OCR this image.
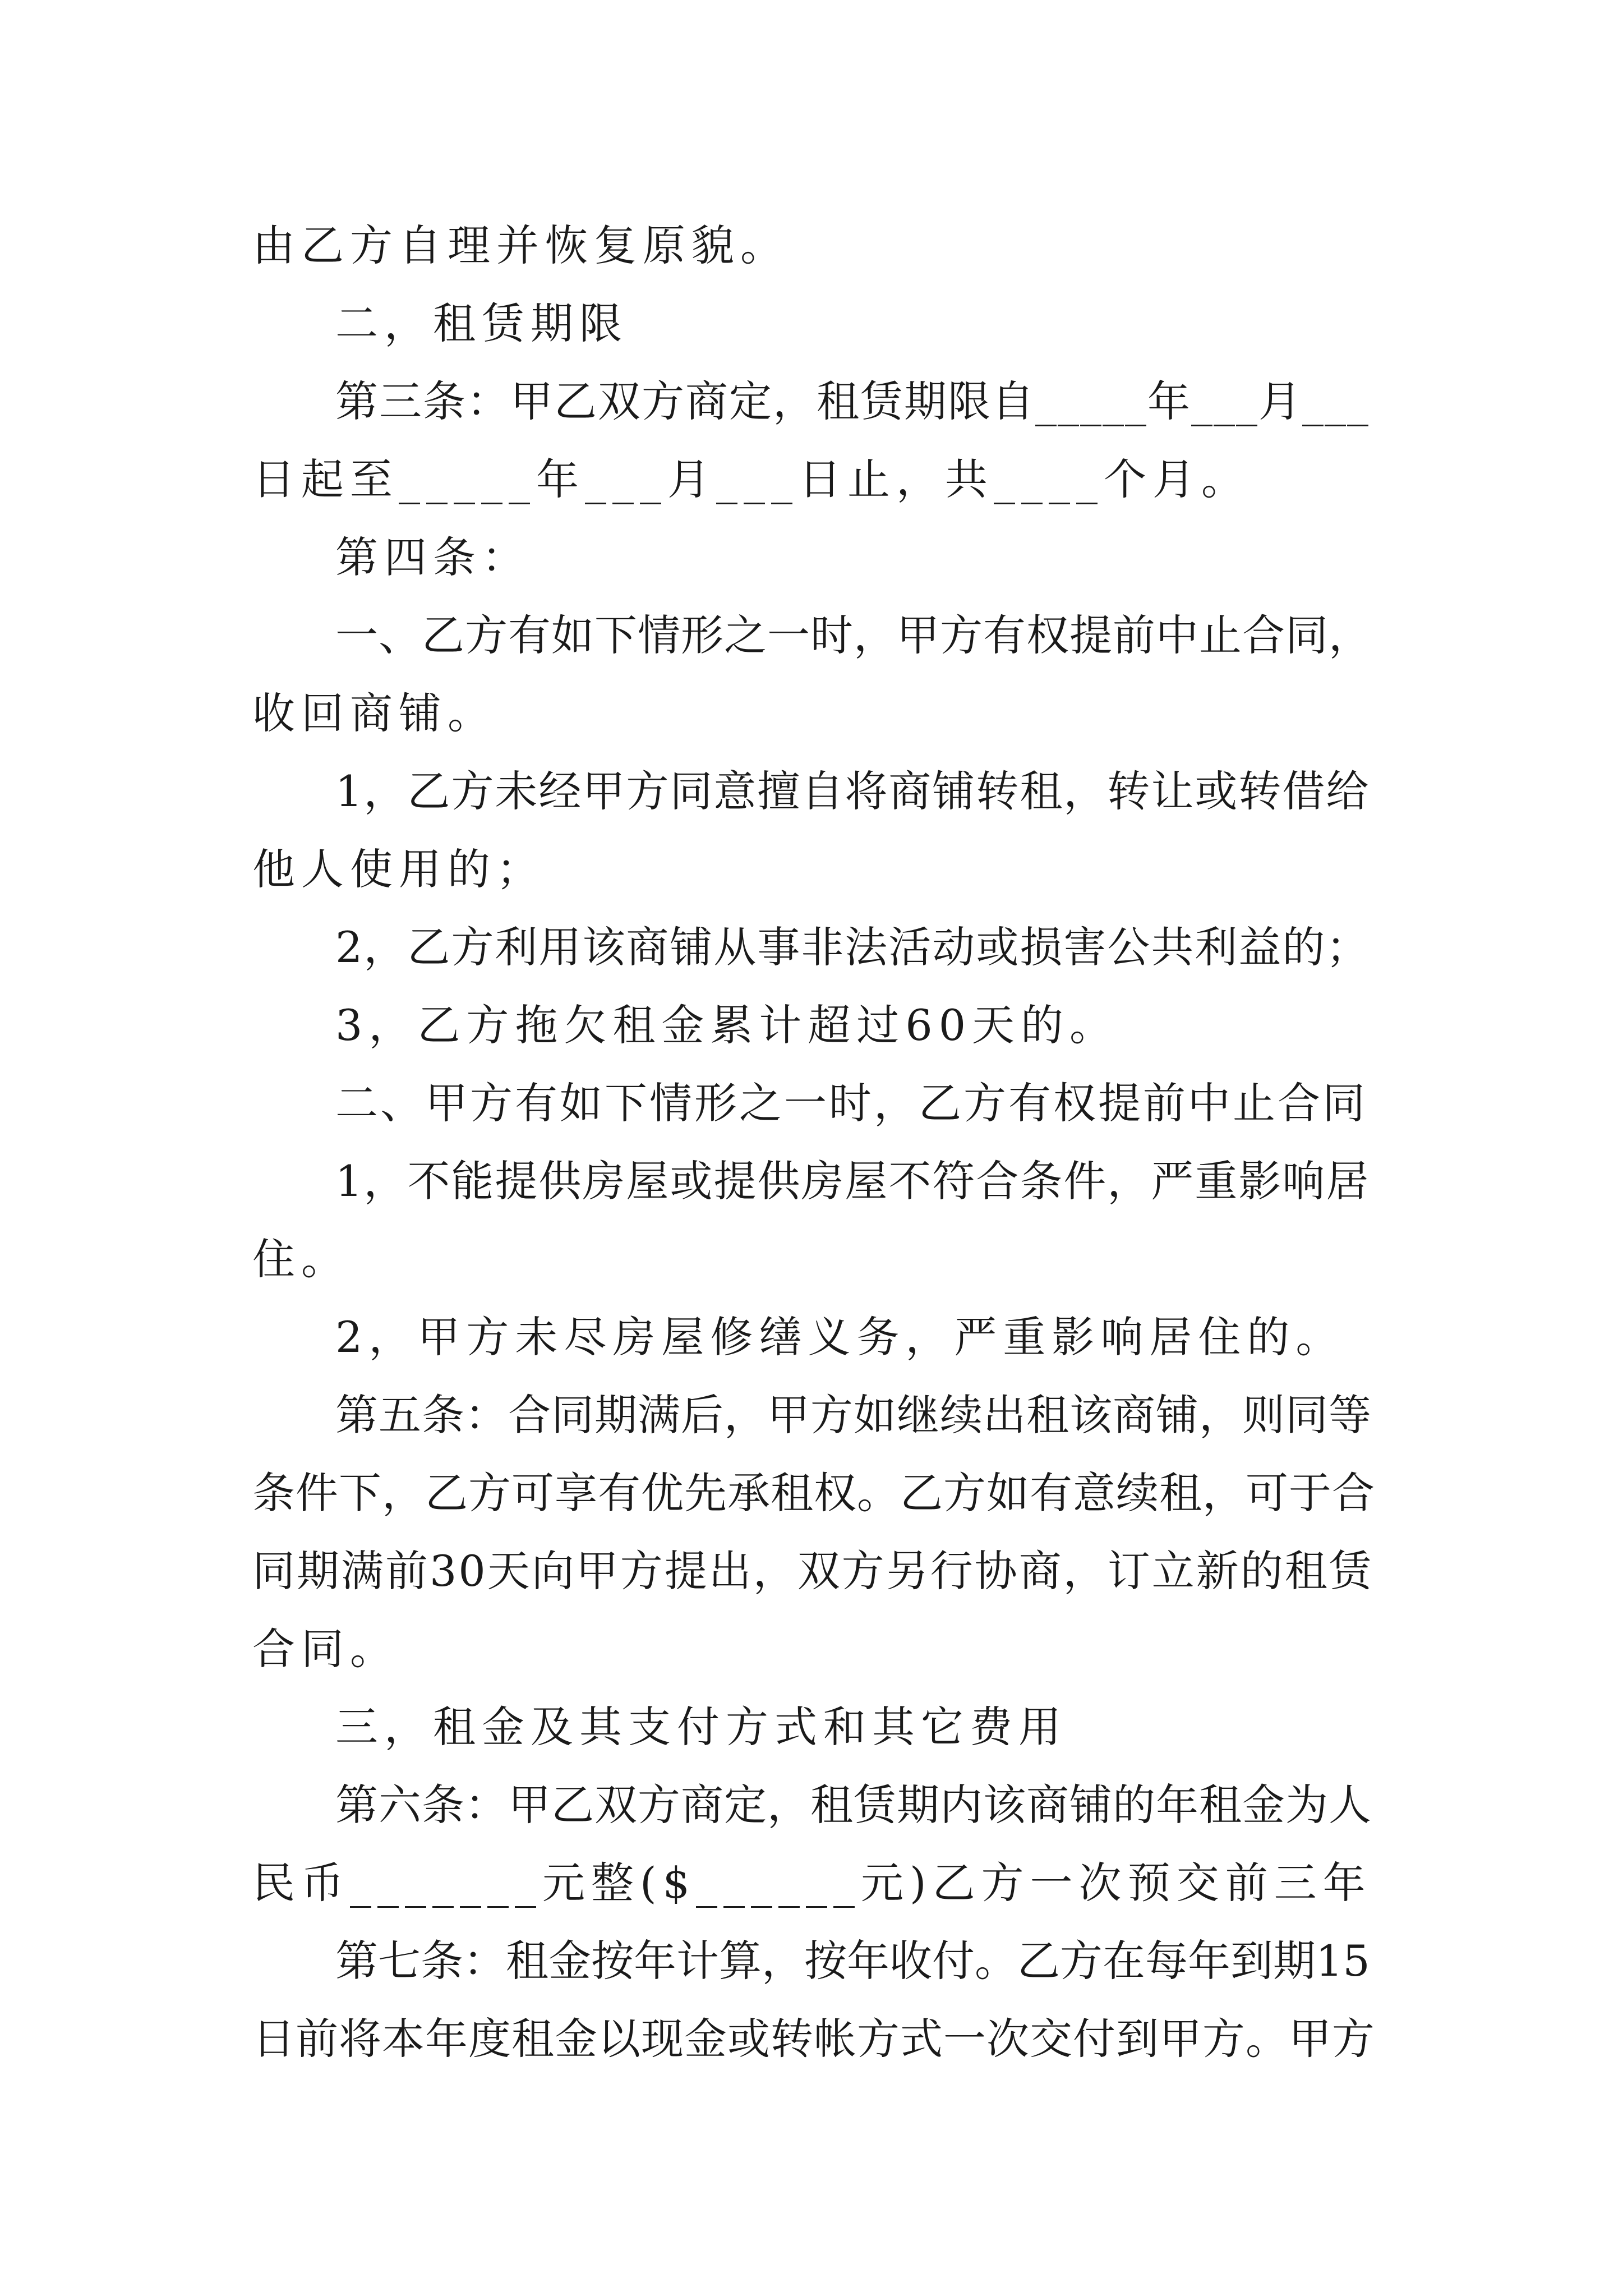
由乙方自理并恢复原貌。
二，租赁期限
第三条：甲乙双方商定，租赁期限自_____年___月___
日起至_____年___月___日止，共____个月。
第四条：
一、乙方有如下情形之一时，甲方有权提前中止合同，
收回商铺。
1，乙方未经甲方同意擅自将商铺转租，转让或转借给
他人使用的；
2，乙方利用该商铺从事非法活动或损害公共利益的；
3，乙方拖欠租金累计超过60天的。
二、甲方有如下情形之一时，乙方有权提前中止合同
1，不能提供房屋或提供房屋不符合条件，严重影响居
住。
2，甲方未尽房屋修缮义务，严重影响居住的。
第五条：合同期满后，甲方如继续出租该商铺，则同等
条件下，乙方可享有优先承租权。乙方如有意续租，可于合
同期满前30天向甲方提出，双方另行协商，订立新的租赁
合同。
三，租金及其支付方式和其它费用
第六条：甲乙双方商定，租赁期内该商铺的年租金为人
民币_______元整($______元)乙方一次预交前三年
第七条：租金按年计算，按年收付。乙方在每年到期15
日前将本年度租金以现金或转帐方式一次交付到甲方。甲方
